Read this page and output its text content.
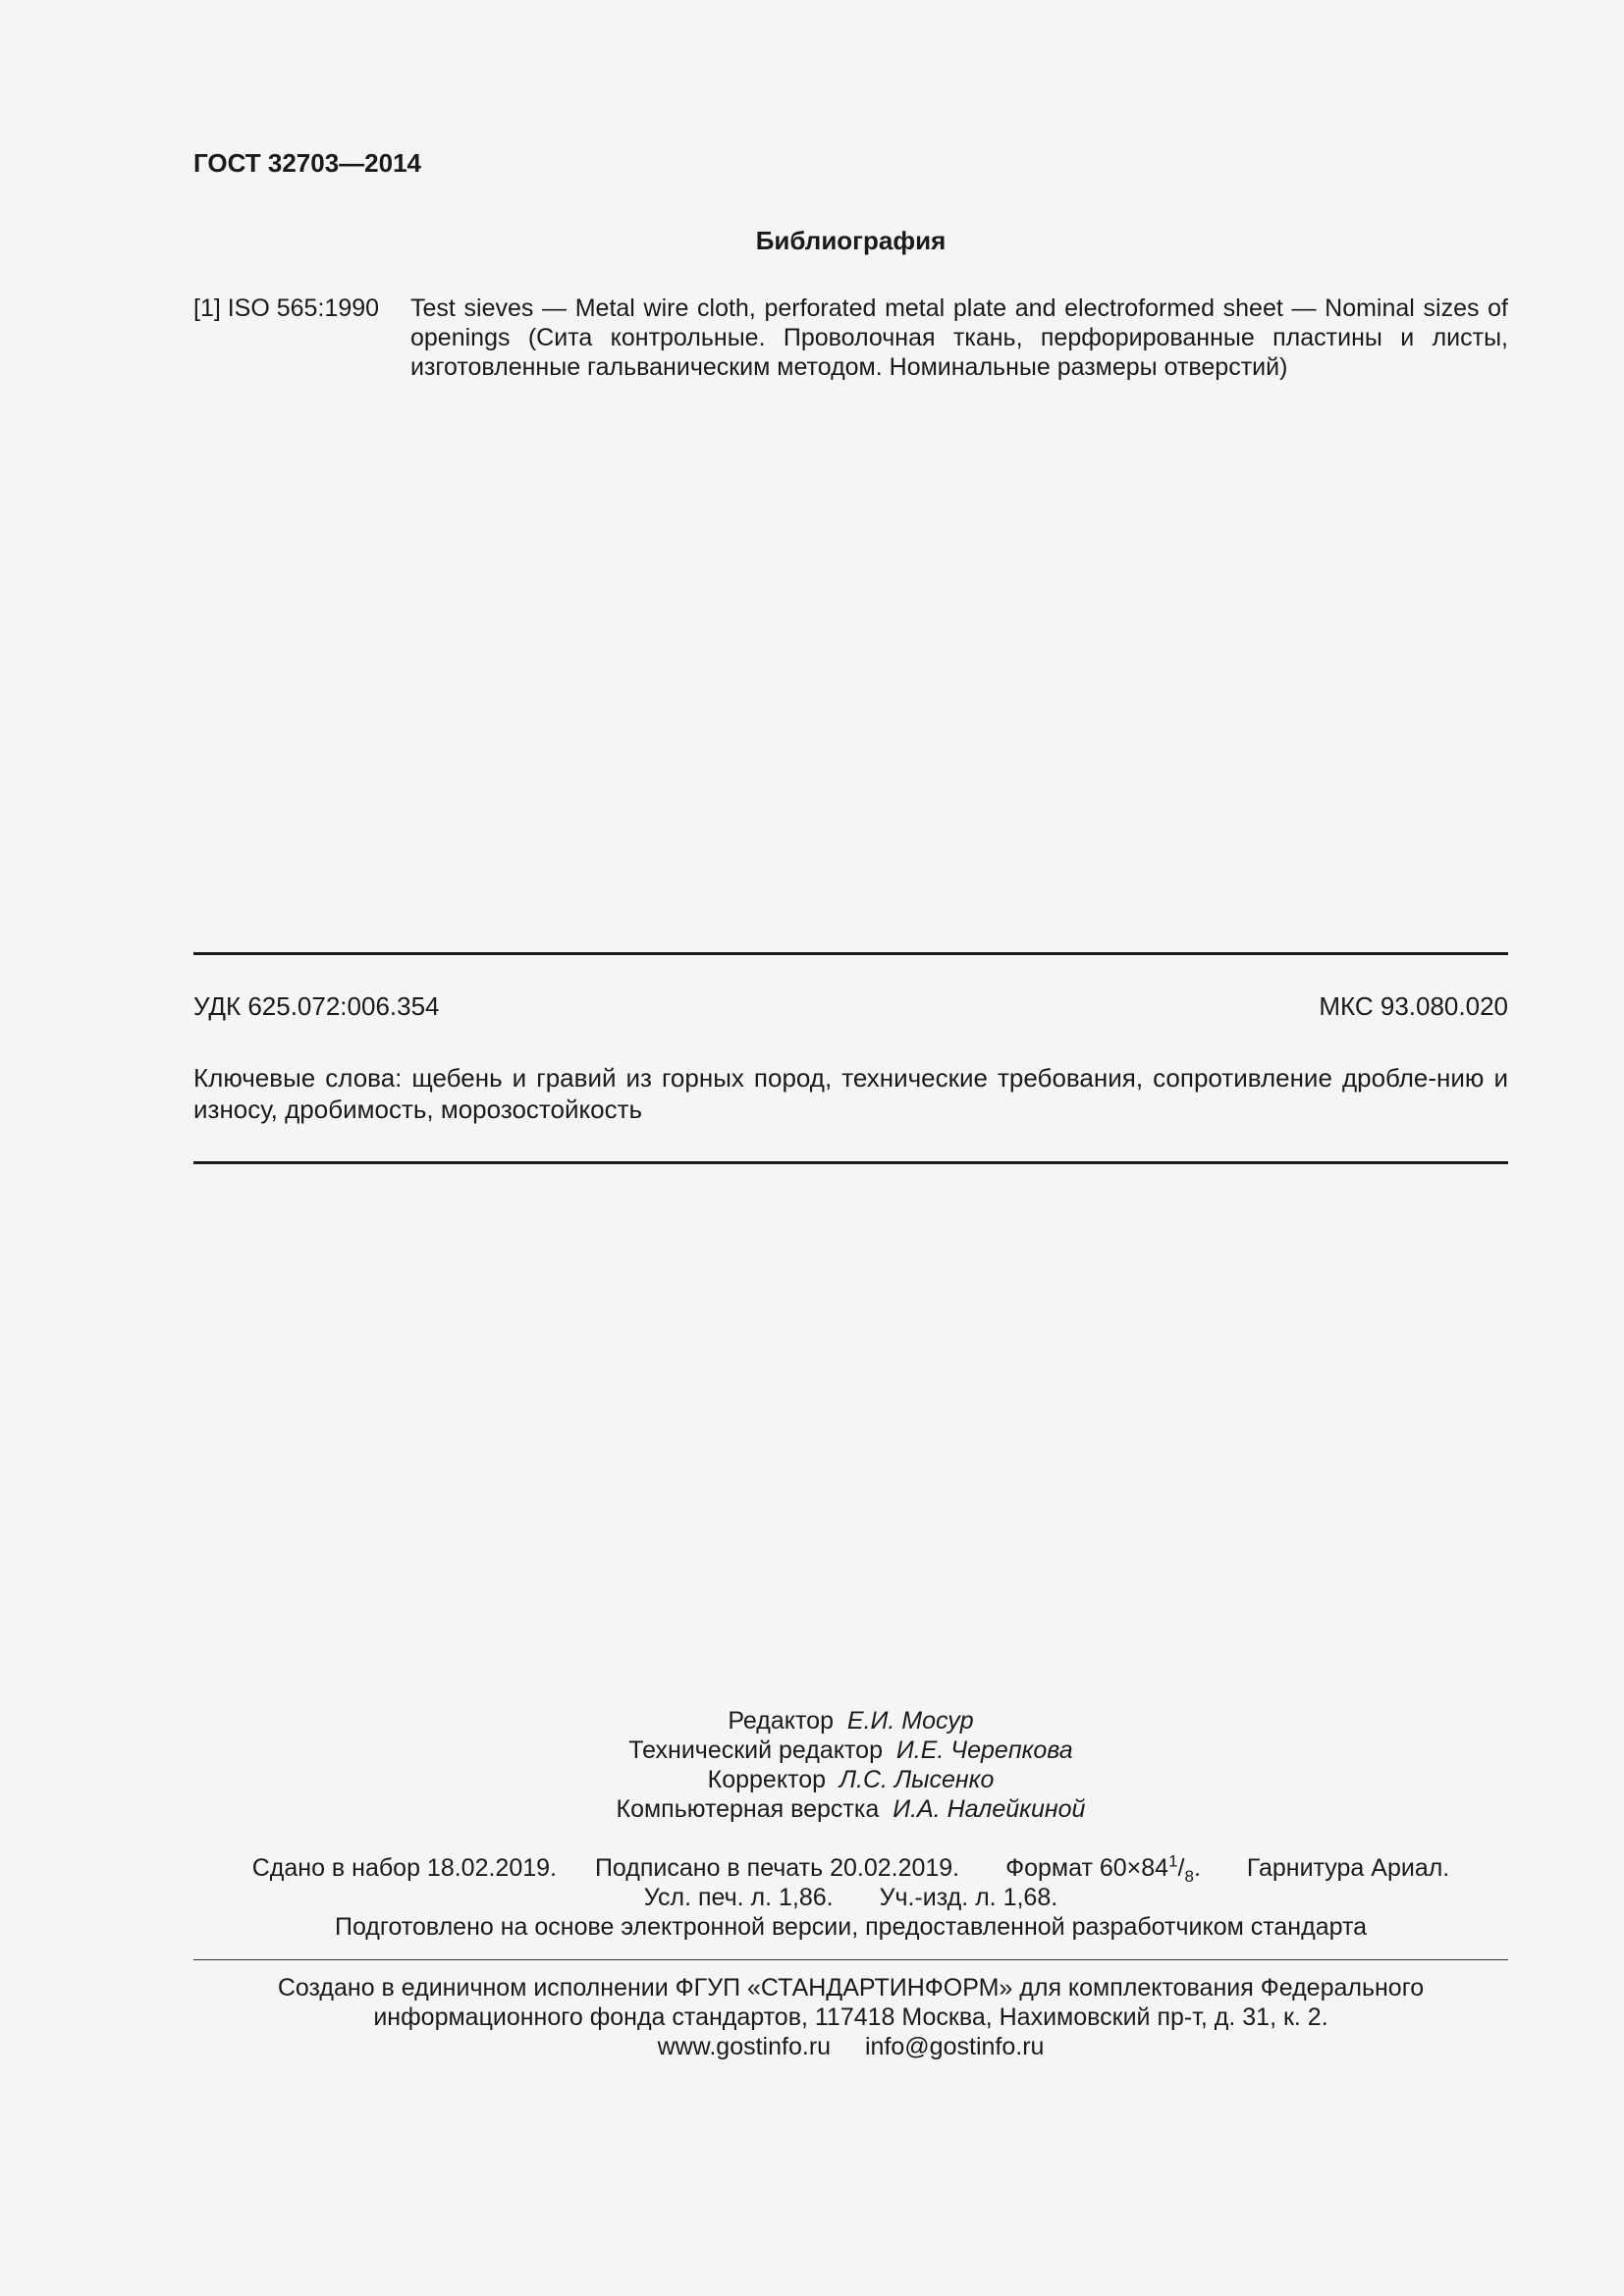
ГОСТ 32703—2014
Библиография
[1] ISO 565:1990 Test sieves — Metal wire cloth, perforated metal plate and electroformed sheet — Nominal sizes of openings (Сита контрольные. Проволочная ткань, перфорированные пластины и листы, изготовленные гальваническим методом. Номинальные размеры отверстий)
УДК 625.072:006.354	МКС 93.080.020
Ключевые слова: щебень и гравий из горных пород, технические требования, сопротивление дробле-нию и износу, дробимость, морозостойкость
Редактор Е.И. Мосур
Технический редактор И.Е. Черепкова
Корректор Л.С. Лысенко
Компьютерная верстка И.А. Налейкиной
Сдано в набор 18.02.2019. Подписано в печать 20.02.2019. Формат $60\times 84^1/_8$. Гарнитура Ариал.
Усл. печ. л. 1,86. Уч.-изд. л. 1,68.
Подготовлено на основе электронной версии, предоставленной разработчиком стандарта
Создано в единичном исполнении ФГУП «СТАНДАРТИНФОРМ» для комплектования Федерального
информационного фонда стандартов, 117418 Москва, Нахимовский пр-т, д. 31, к. 2.
www.gostinfo.ru info@gostinfo.ru
